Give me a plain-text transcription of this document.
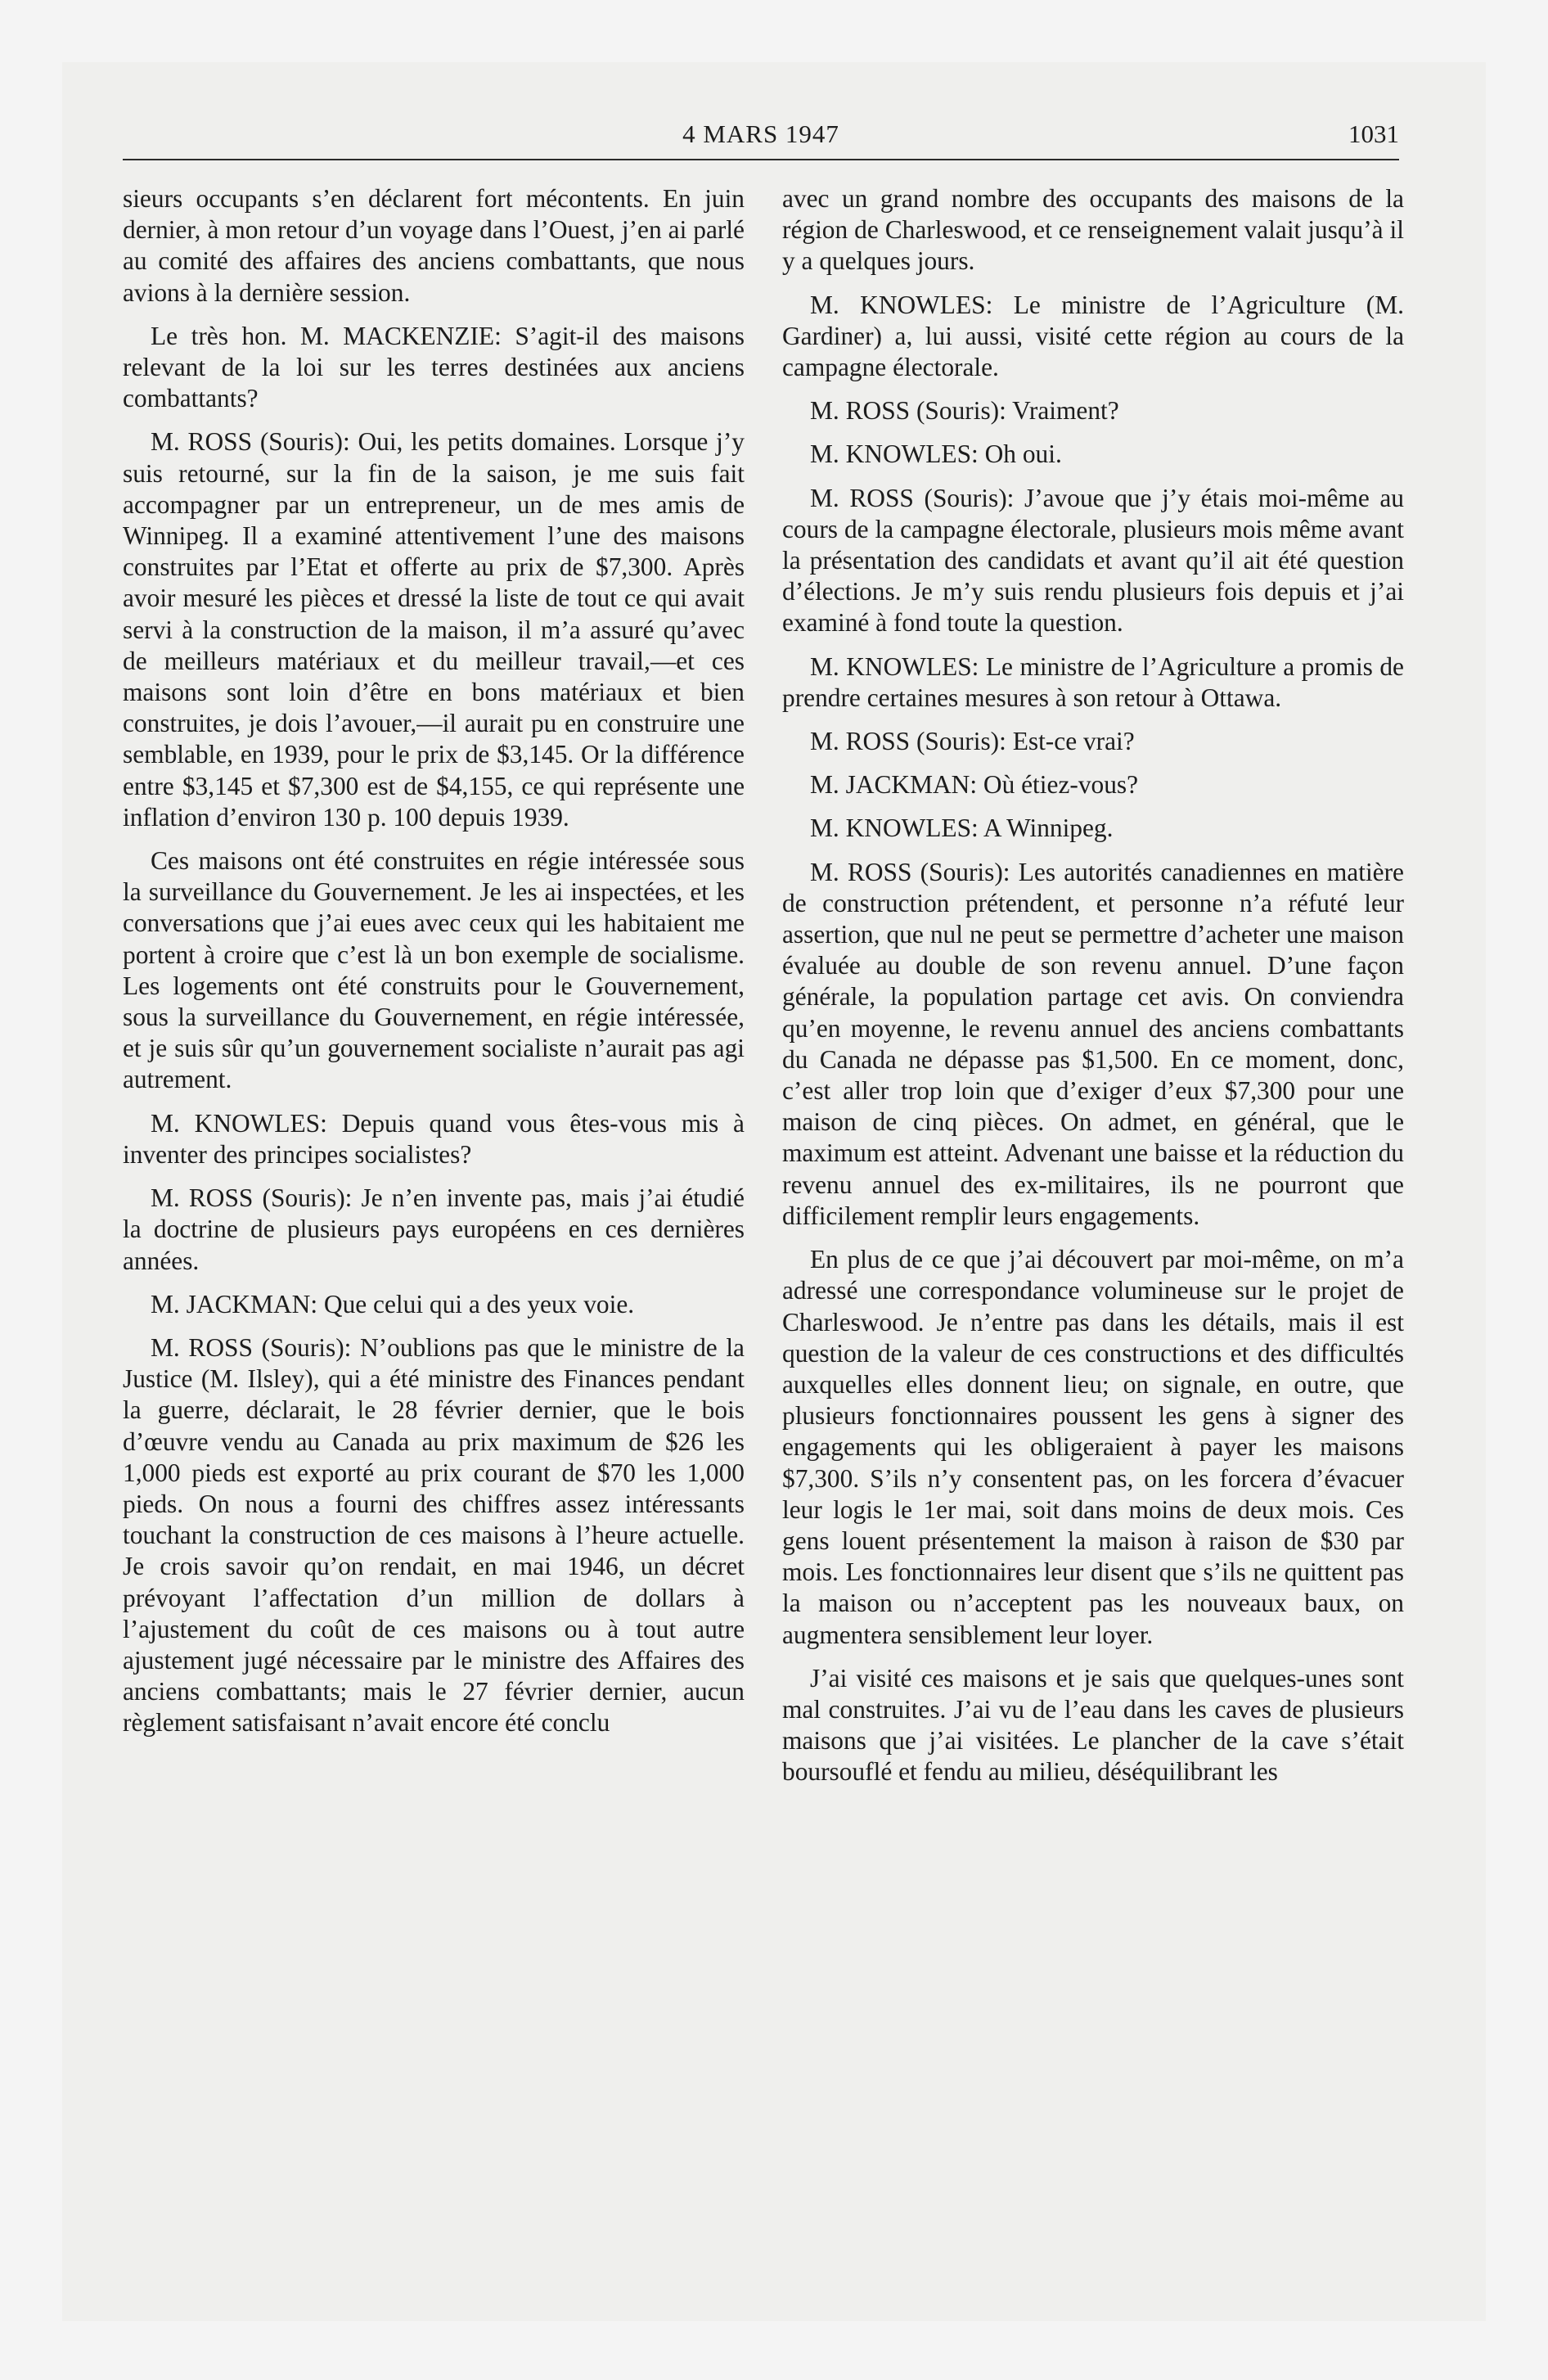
4 MARS 1947	1031

sieurs occupants s’en déclarent fort mécontents. En juin dernier, à mon retour d’un voyage dans l’Ouest, j’en ai parlé au comité des affaires des anciens combattants, que nous avions à la dernière session.

Le très hon. M. MACKENZIE: S’agit-il des maisons relevant de la loi sur les terres destinées aux anciens combattants?

M. ROSS (Souris): Oui, les petits domaines. Lorsque j’y suis retourné, sur la fin de la saison, je me suis fait accompagner par un entrepreneur, un de mes amis de Winnipeg. Il a examiné attentivement l’une des maisons construites par l’Etat et offerte au prix de $7,300. Après avoir mesuré les pièces et dressé la liste de tout ce qui avait servi à la construction de la maison, il m’a assuré qu’avec de meilleurs matériaux et du meilleur travail,—et ces maisons sont loin d’être en bons matériaux et bien construites, je dois l’avouer,—il aurait pu en construire une semblable, en 1939, pour le prix de $3,145. Or la différence entre $3,145 et $7,300 est de $4,155, ce qui représente une inflation d’environ 130 p. 100 depuis 1939.

Ces maisons ont été construites en régie intéressée sous la surveillance du Gouvernement. Je les ai inspectées, et les conversations que j’ai eues avec ceux qui les habitaient me portent à croire que c’est là un bon exemple de socialisme. Les logements ont été construits pour le Gouvernement, sous la surveillance du Gouvernement, en régie intéressée, et je suis sûr qu’un gouvernement socialiste n’aurait pas agi autrement.

M. KNOWLES: Depuis quand vous êtes-vous mis à inventer des principes socialistes?

M. ROSS (Souris): Je n’en invente pas, mais j’ai étudié la doctrine de plusieurs pays européens en ces dernières années.

M. JACKMAN: Que celui qui a des yeux voie.

M. ROSS (Souris): N’oublions pas que le ministre de la Justice (M. Ilsley), qui a été ministre des Finances pendant la guerre, déclarait, le 28 février dernier, que le bois d’œuvre vendu au Canada au prix maximum de $26 les 1,000 pieds est exporté au prix courant de $70 les 1,000 pieds. On nous a fourni des chiffres assez intéressants touchant la construction de ces maisons à l’heure actuelle. Je crois savoir qu’on rendait, en mai 1946, un décret prévoyant l’affectation d’un million de dollars à l’ajustement du coût de ces maisons ou à tout autre ajustement jugé nécessaire par le ministre des Affaires des anciens combattants; mais le 27 février dernier, aucun règlement satisfaisant n’avait encore été conclu

avec un grand nombre des occupants des maisons de la région de Charleswood, et ce renseignement valait jusqu’à il y a quelques jours.

M. KNOWLES: Le ministre de l’Agriculture (M. Gardiner) a, lui aussi, visité cette région au cours de la campagne électorale.

M. ROSS (Souris): Vraiment?

M. KNOWLES: Oh oui.

M. ROSS (Souris): J’avoue que j’y étais moi-même au cours de la campagne électorale, plusieurs mois même avant la présentation des candidats et avant qu’il ait été question d’élections. Je m’y suis rendu plusieurs fois depuis et j’ai examiné à fond toute la question.

M. KNOWLES: Le ministre de l’Agriculture a promis de prendre certaines mesures à son retour à Ottawa.

M. ROSS (Souris): Est-ce vrai?

M. JACKMAN: Où étiez-vous?

M. KNOWLES: A Winnipeg.

M. ROSS (Souris): Les autorités canadiennes en matière de construction prétendent, et personne n’a réfuté leur assertion, que nul ne peut se permettre d’acheter une maison évaluée au double de son revenu annuel. D’une façon générale, la population partage cet avis. On conviendra qu’en moyenne, le revenu annuel des anciens combattants du Canada ne dépasse pas $1,500. En ce moment, donc, c’est aller trop loin que d’exiger d’eux $7,300 pour une maison de cinq pièces. On admet, en général, que le maximum est atteint. Advenant une baisse et la réduction du revenu annuel des ex-militaires, ils ne pourront que difficilement remplir leurs engagements.

En plus de ce que j’ai découvert par moi-même, on m’a adressé une correspondance volumineuse sur le projet de Charleswood. Je n’entre pas dans les détails, mais il est question de la valeur de ces constructions et des difficultés auxquelles elles donnent lieu; on signale, en outre, que plusieurs fonctionnaires poussent les gens à signer des engagements qui les obligeraient à payer les maisons $7,300. S’ils n’y consentent pas, on les forcera d’évacuer leur logis le 1er mai, soit dans moins de deux mois. Ces gens louent présentement la maison à raison de $30 par mois. Les fonctionnaires leur disent que s’ils ne quittent pas la maison ou n’acceptent pas les nouveaux baux, on augmentera sensiblement leur loyer.

J’ai visité ces maisons et je sais que quelques-unes sont mal construites. J’ai vu de l’eau dans les caves de plusieurs maisons que j’ai visitées. Le plancher de la cave s’était boursouflé et fendu au milieu, déséquilibrant les
